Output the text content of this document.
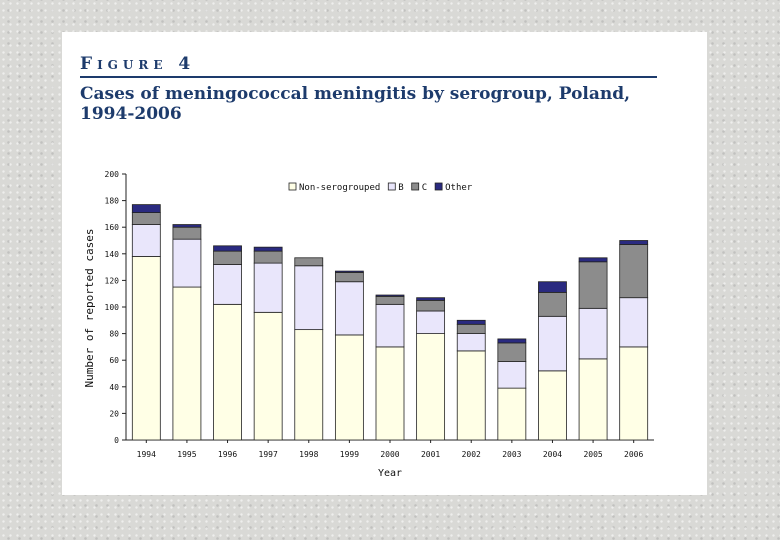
Figure 4
Cases of meningococcal meningitis by serogroup, Poland, 1994-2006
0
20
40
60
80
100
120
140
160
180
200
1994	1995	1996	1997	1998	1999	2000	2001	2002	2003	2004	2005	2006
Non-serogrouped B C Other
Number of reported cases
Year
